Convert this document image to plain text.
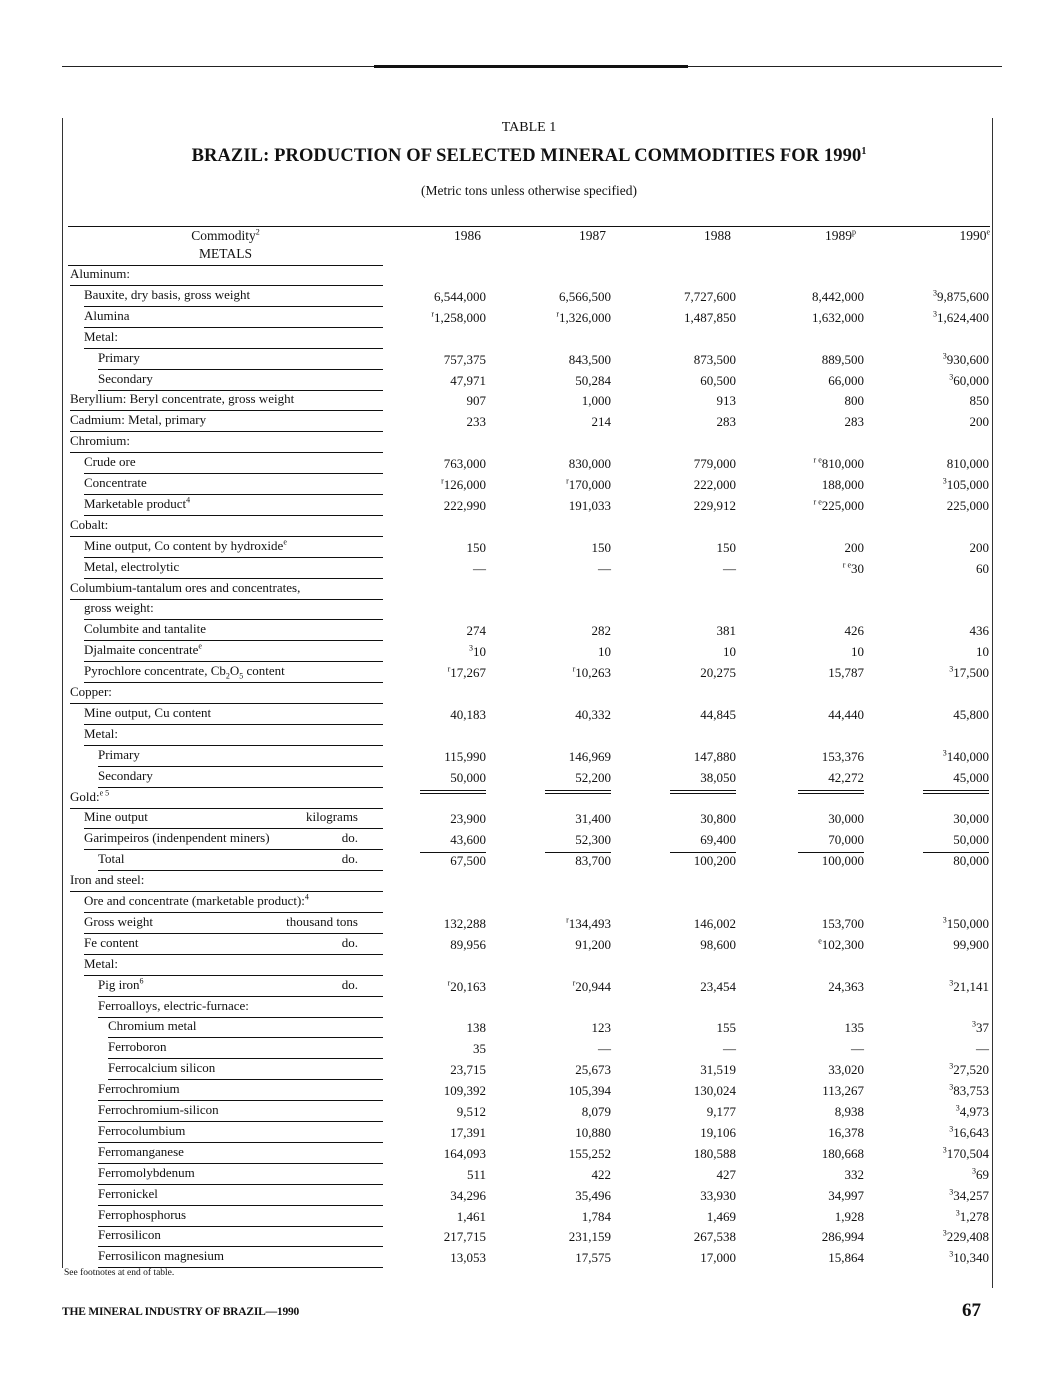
TABLE 1
BRAZIL: PRODUCTION OF SELECTED MINERAL COMMODITIES FOR 1990$^1$
(Metric tons unless otherwise specified)
Commodity$^2$	1986	1987	1988	1989$^p$	1990e
METALS
Aluminum:
Bauxite, dry basis, gross weight	6,544,000	6,566,500	7,727,600	8,442,000	$^3$9,875,600
Alumina	$^r$1,258,000	$^r$1,326,000	1,487,850	1,632,000	$^3$1,624,400
Metal:
Primary	757,375	843,500	873,500	889,500	$^3$930,600
Secondary	47,971	50,284	60,500	66,000	$^3$60,000
Beryllium: Beryl concentrate, gross weight	907	1,000	913	800	850
Cadmium: Metal, primary	233	214	283	283	200
Chromium:
Crude ore	763,000	830,000	779,000	$^{r e}$810,000	810,000
Concentrate	$^r$126,000	$^r$170,000	222,000	188,000	$^3$105,000
Marketable product$^4$	222,990	191,033	229,912	$^{r e}$225,000	225,000
Cobalt:
Mine output, Co content by hydroxide$^e$	150	150	150	200	200
Metal, electrolytic	—	—	—	$^{r e}$30	60
Columbium-tantalum ores and concentrates,
gross weight:
Columbite and tantalite	274	282	381	426	436
Djalmaite concentrate$^e$	$^3$10	10	10	10	10
Pyrochlore concentrate, $Cb_2O_5$ content	$^r$17,267	$^r$10,263	20,275	15,787	$^3$17,500
Copper:
Mine output, Cu content	40,183	40,332	44,845	44,440	45,800
Metal:
Primary	115,990	146,969	147,880	153,376	$^3$140,000
Secondary	50,000	52,200	38,050	42,272	45,000
Gold:$^{e 5}$
Mine output	kilograms	23,900	31,400	30,800	30,000	30,000
Garimpeiros (indenpendent miners)	do.	43,600	52,300	69,400	70,000	50,000
Total	do.	67,500	83,700	100,200	100,000	80,000
Iron and steel:
Ore and concentrate (marketable product):$^4$
Gross weight	thousand tons	132,288	$^r$134,493	146,002	153,700	$^3$150,000
Fe content	do.	89,956	91,200	98,600	$^e$102,300	99,900
Metal:
Pig iron$^6$	do.	$^r$20,163	$^r$20,944	23,454	24,363	$^3$21,141
Ferroalloys, electric-furnace:
Chromium metal	138	123	155	135	$^3$37
Ferroboron	35	—	—	—	—
Ferrocalcium silicon	23,715	25,673	31,519	33,020	$^3$27,520
Ferrochromium	109,392	105,394	130,024	113,267	$^3$83,753
Ferrochromium-silicon	9,512	8,079	9,177	8,938	$^3$4,973
Ferrocolumbium	17,391	10,880	19,106	16,378	$^3$16,643
Ferromanganese	164,093	155,252	180,588	180,668	$^3$170,504
Ferromolybdenum	511	422	427	332	$^3$69
Ferronickel	34,296	35,496	33,930	34,997	$^3$34,257
Ferrophosphorus	1,461	1,784	1,469	1,928	$^3$1,278
Ferrosilicon	217,715	231,159	267,538	286,994	$^3$229,408
Ferrosilicon magnesium	13,053	17,575	17,000	15,864	$^3$10,340
See footnotes at end of table.
THE MINERAL INDUSTRY OF BRAZIL—1990	67
